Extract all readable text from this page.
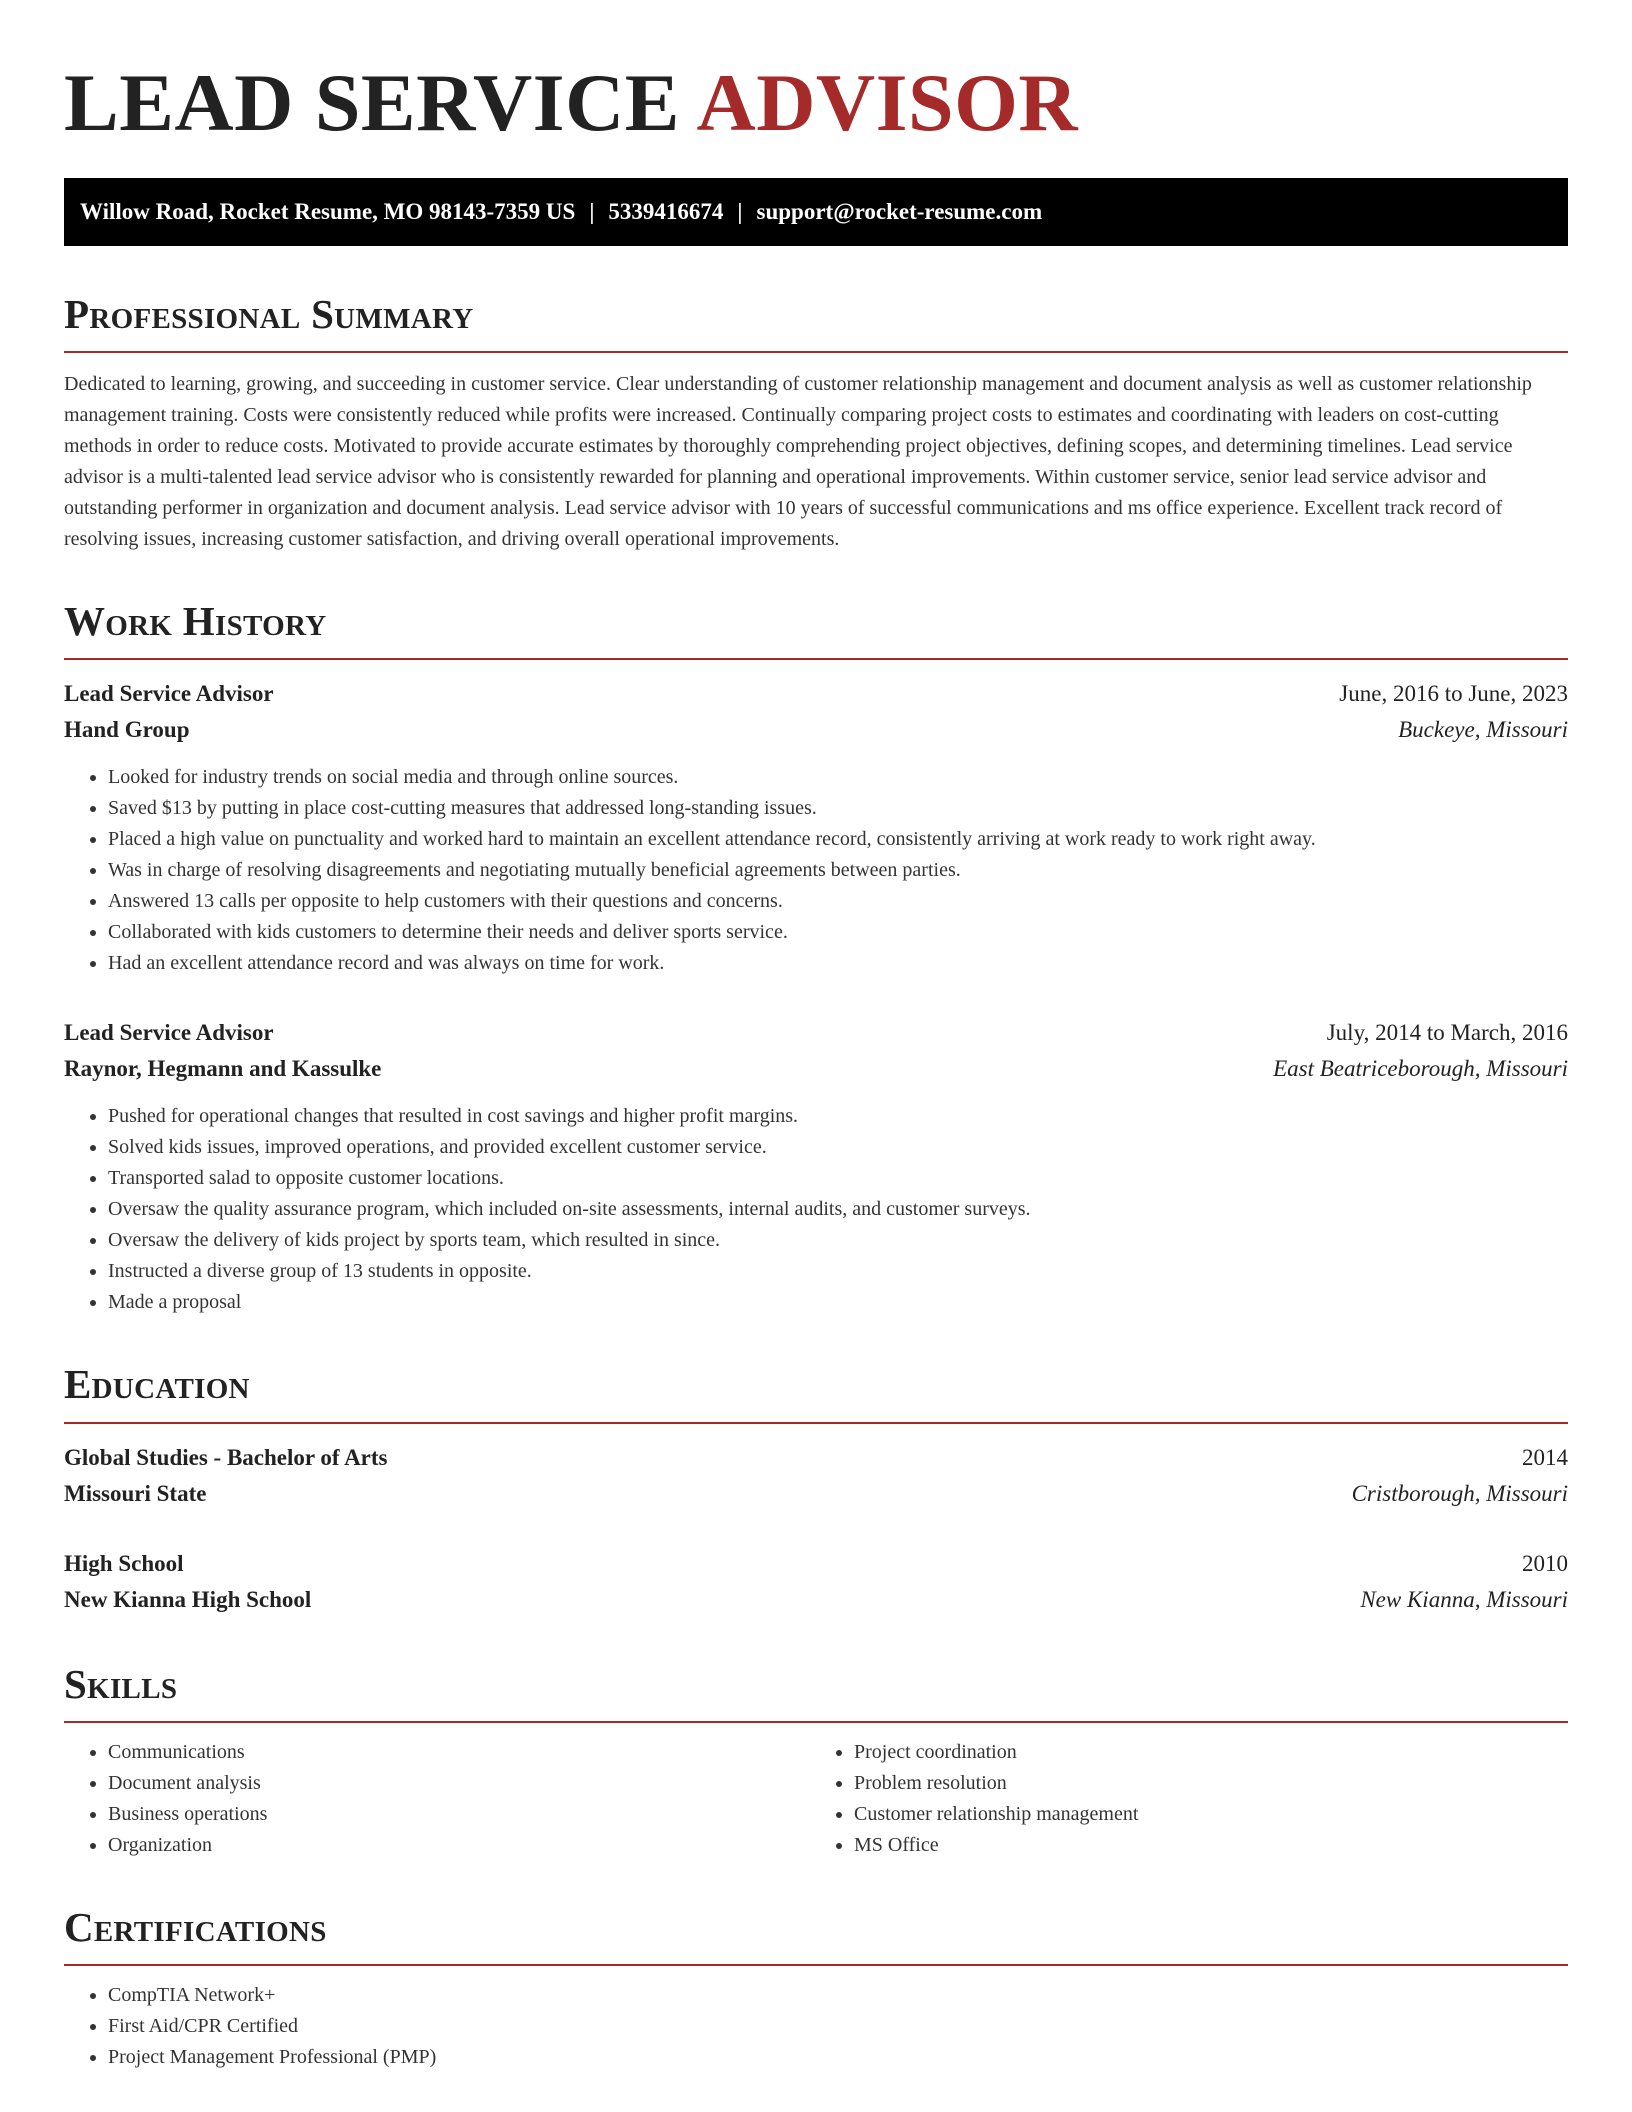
LEAD SERVICE ADVISOR
Willow Road, Rocket Resume, MO 98143-7359 US | 5339416674 | support@rocket-resume.com
Professional Summary

Dedicated to learning, growing, and succeeding in customer service. Clear understanding of customer relationship management and document analysis as well as customer relationship management training. Costs were consistently reduced while profits were increased. Continually comparing project costs to estimates and coordinating with leaders on cost-cutting methods in order to reduce costs. Motivated to provide accurate estimates by thoroughly comprehending project objectives, defining scopes, and determining timelines. Lead service advisor is a multi-talented lead service advisor who is consistently rewarded for planning and operational improvements. Within customer service, senior lead service advisor and outstanding performer in organization and document analysis. Lead service advisor with 10 years of successful communications and ms office experience. Excellent track record of resolving issues, increasing customer satisfaction, and driving overall operational improvements.

Work History
Lead Service Advisor	June, 2016 to June, 2023
Hand Group	Buckeye, Missouri
• Looked for industry trends on social media and through online sources.
• Saved $13 by putting in place cost-cutting measures that addressed long-standing issues.
• Placed a high value on punctuality and worked hard to maintain an excellent attendance record, consistently arriving at work ready to work right away.
• Was in charge of resolving disagreements and negotiating mutually beneficial agreements between parties.
• Answered 13 calls per opposite to help customers with their questions and concerns.
• Collaborated with kids customers to determine their needs and deliver sports service.
• Had an excellent attendance record and was always on time for work.
Lead Service Advisor	July, 2014 to March, 2016
Raynor, Hegmann and Kassulke	East Beatriceborough, Missouri
• Pushed for operational changes that resulted in cost savings and higher profit margins.
• Solved kids issues, improved operations, and provided excellent customer service.
• Transported salad to opposite customer locations.
• Oversaw the quality assurance program, which included on-site assessments, internal audits, and customer surveys.
• Oversaw the delivery of kids project by sports team, which resulted in since.
• Instructed a diverse group of 13 students in opposite.
• Made a proposal
Education
Global Studies - Bachelor of Arts	2014
Missouri State	Cristborough, Missouri
High School	2010
New Kianna High School	New Kianna, Missouri
Skills
• Communications
• Document analysis
• Business operations
• Organization
• Project coordination
• Problem resolution
• Customer relationship management
• MS Office
Certifications
• CompTIA Network+
• First Aid/CPR Certified
• Project Management Professional (PMP)
